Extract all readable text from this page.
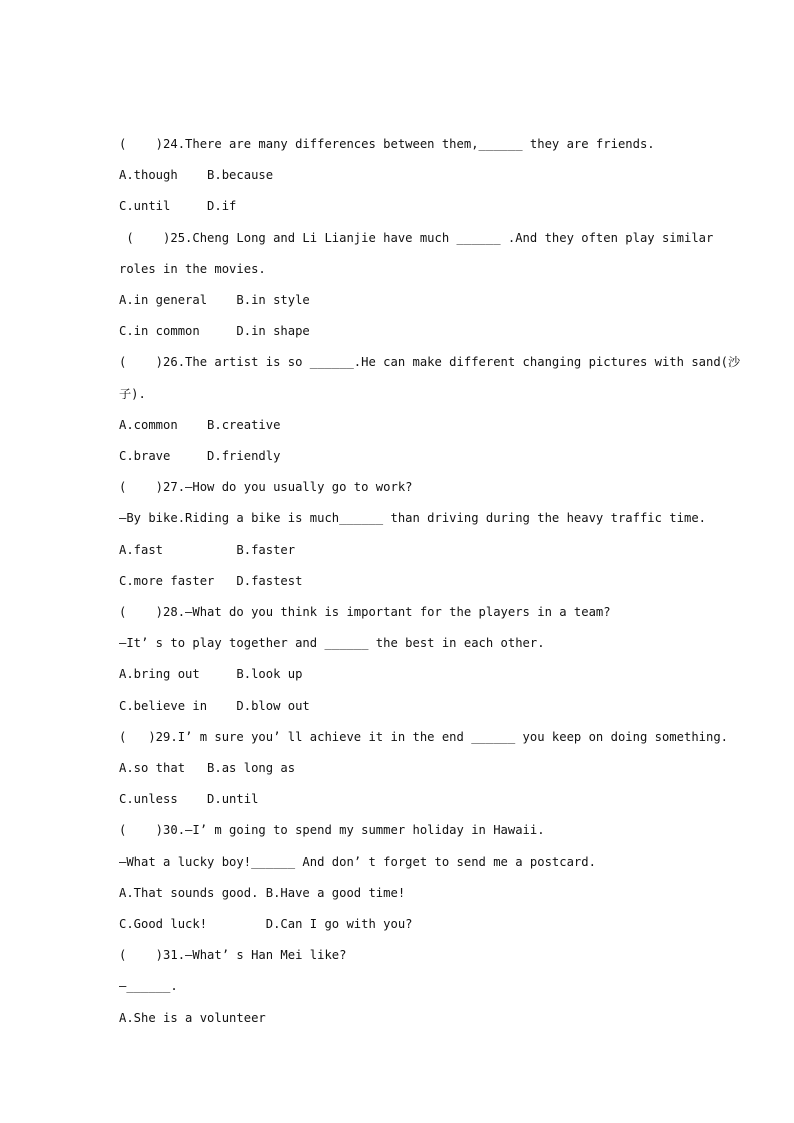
(    )24.There are many differences between them,______ they are friends.
A.though    B.because
C.until     D.if
(    )25.Cheng Long and Li Lianjie have much ______ .And they often play similar
roles in the movies.
A.in general    B.in style
C.in common     D.in shape
(    )26.The artist is so ______.He can make different changing pictures with sand(沙
子).
A.common    B.creative
C.brave     D.friendly
(    )27.—How do you usually go to work?
—By bike.Riding a bike is much______ than driving during the heavy traffic time.
A.fast          B.faster
C.more faster   D.fastest
(    )28.—What do you think is important for the players in a team?
—It’ s to play together and ______ the best in each other.
A.bring out     B.look up
C.believe in    D.blow out
(   )29.I’ m sure you’ ll achieve it in the end ______ you keep on doing something.
A.so that   B.as long as
C.unless    D.until
(    )30.—I’ m going to spend my summer holiday in Hawaii.
—What a lucky boy!______ And don’ t forget to send me a postcard.
A.That sounds good. B.Have a good time!
C.Good luck!        D.Can I go with you?
(    )31.—What’ s Han Mei like?
—______.
A.She is a volunteer
